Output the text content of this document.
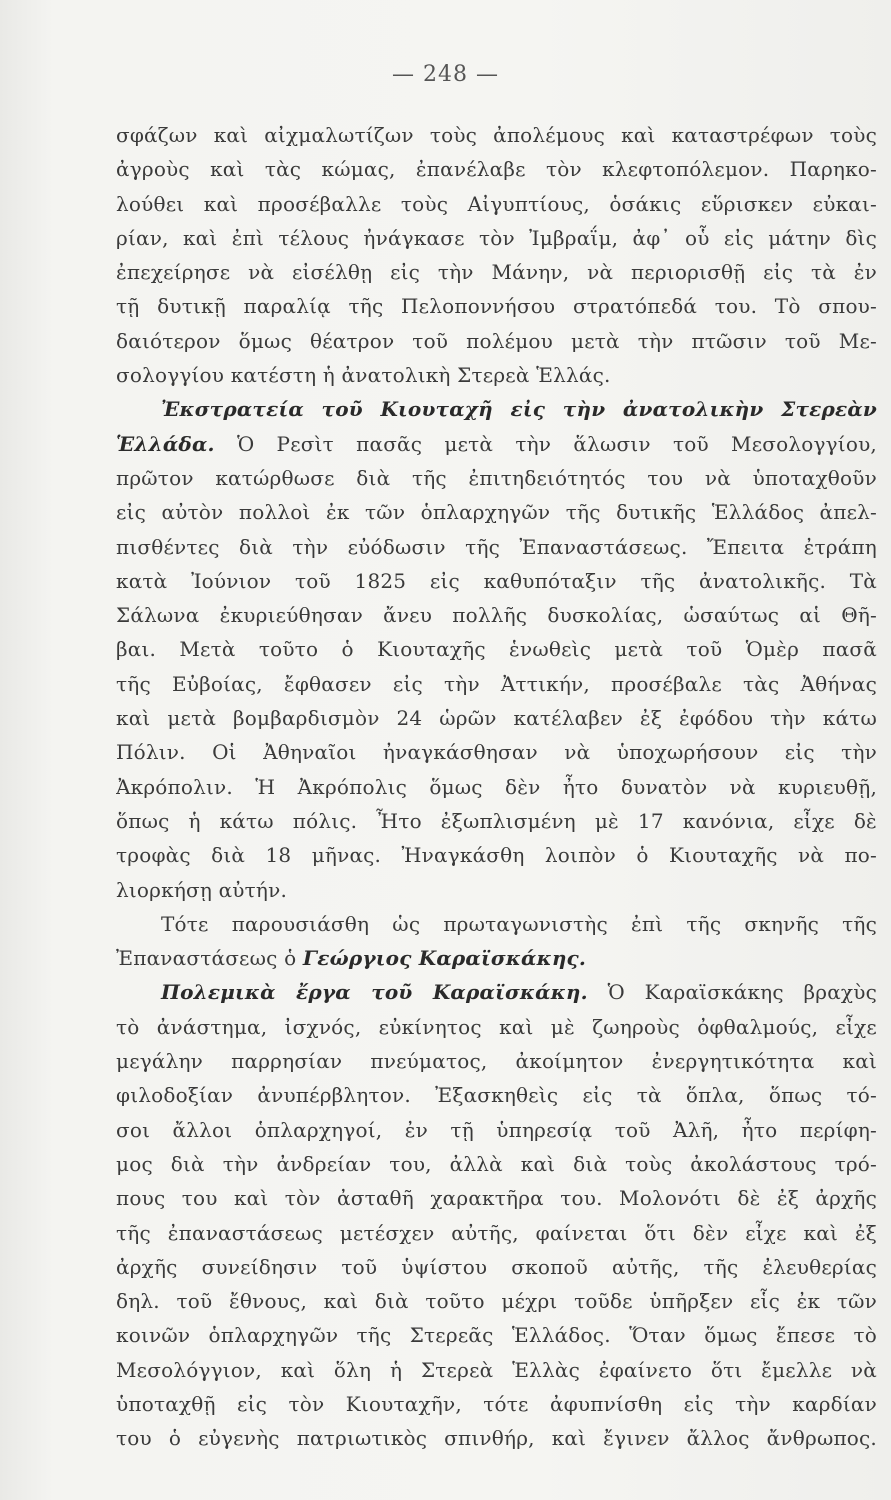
— 248 —
σφάζων καὶ αἰχμαλωτίζων τοὺς ἀπολέμους καὶ καταστρέφων τοὺς
ἀγροὺς καὶ τὰς κώμας, ἐπανέλαβε τὸν κλεφτοπόλεμον. Παρηκο-
λούθει καὶ προσέβαλλε τοὺς Αἰγυπτίους, ὁσάκις εὕρισκεν εὐκαι-
ρίαν, καὶ ἐπὶ τέλους ἠνάγκασε τὸν Ἰμβραΐμ, ἀφ᾽ οὗ εἰς μάτην δὶς
ἐπεχείρησε νὰ εἰσέλθῃ εἰς τὴν Μάνην, νὰ περιορισθῇ εἰς τὰ ἐν
τῇ δυτικῇ παραλίᾳ τῆς Πελοποννήσου στρατόπεδά του. Τὸ σπου-
δαιότερον ὅμως θέατρον τοῦ πολέμου μετὰ τὴν πτῶσιν τοῦ Με-
σολογγίου κατέστη ἡ ἀνατολικὴ Στερεὰ Ἑλλάς.
Ἐκστρατεία τοῦ Κιουταχῆ εἰς τὴν ἀνατολικὴν Στερεὰν
Ἑλλάδα. Ὁ Ρεσὶτ πασᾶς μετὰ τὴν ἅλωσιν τοῦ Μεσολογγίου,
πρῶτον κατώρθωσε διὰ τῆς ἐπιτηδειότητός του νὰ ὑποταχθοῦν
εἰς αὐτὸν πολλοὶ ἐκ τῶν ὁπλαρχηγῶν τῆς δυτικῆς Ἑλλάδος ἀπελ-
πισθέντες διὰ τὴν εὐόδωσιν τῆς Ἐπαναστάσεως. Ἔπειτα ἐτράπη
κατὰ Ἰούνιον τοῦ 1825 εἰς καθυπόταξιν τῆς ἀνατολικῆς. Τὰ
Σάλωνα ἐκυριεύθησαν ἄνευ πολλῆς δυσκολίας, ὡσαύτως αἱ Θῆ-
βαι. Μετὰ τοῦτο ὁ Κιουταχῆς ἑνωθεὶς μετὰ τοῦ Ὁμὲρ πασᾶ
τῆς Εὐβοίας, ἔφθασεν εἰς τὴν Ἀττικήν, προσέβαλε τὰς Ἀθήνας
καὶ μετὰ βομβαρδισμὸν 24 ὡρῶν κατέλαβεν ἐξ ἐφόδου τὴν κάτω
Πόλιν. Οἱ Ἀθηναῖοι ἠναγκάσθησαν νὰ ὑποχωρήσουν εἰς τὴν
Ἀκρόπολιν. Ἡ Ἀκρόπολις ὅμως δὲν ἦτο δυνατὸν νὰ κυριευθῇ,
ὅπως ἡ κάτω πόλις. Ἦτο ἐξωπλισμένη μὲ 17 κανόνια, εἶχε δὲ
τροφὰς διὰ 18 μῆνας. Ἠναγκάσθη λοιπὸν ὁ Κιουταχῆς νὰ πο-
λιορκήσῃ αὐτήν.
Τότε παρουσιάσθη ὡς πρωταγωνιστὴς ἐπὶ τῆς σκηνῆς τῆς
Ἐπαναστάσεως ὁ Γεώργιος Καραϊσκάκης.
Πολεμικὰ ἔργα τοῦ Καραϊσκάκη. Ὁ Καραϊσκάκης βραχὺς
τὸ ἀνάστημα, ἰσχνός, εὐκίνητος καὶ μὲ ζωηροὺς ὀφθαλμούς, εἶχε
μεγάλην παρρησίαν πνεύματος, ἀκοίμητον ἐνεργητικότητα καὶ
φιλοδοξίαν ἀνυπέρβλητον. Ἐξασκηθεὶς εἰς τὰ ὅπλα, ὅπως τό-
σοι ἄλλοι ὁπλαρχηγοί, ἐν τῇ ὑπηρεσίᾳ τοῦ Ἀλῆ, ἦτο περίφη-
μος διὰ τὴν ἀνδρείαν του, ἀλλὰ καὶ διὰ τοὺς ἀκολάστους τρό-
πους του καὶ τὸν ἀσταθῆ χαρακτῆρα του. Μολονότι δὲ ἐξ ἀρχῆς
τῆς ἐπαναστάσεως μετέσχεν αὐτῆς, φαίνεται ὅτι δὲν εἶχε καὶ ἐξ
ἀρχῆς συνείδησιν τοῦ ὑψίστου σκοποῦ αὐτῆς, τῆς ἐλευθερίας
δηλ. τοῦ ἔθνους, καὶ διὰ τοῦτο μέχρι τοῦδε ὑπῆρξεν εἷς ἐκ τῶν
κοινῶν ὁπλαρχηγῶν τῆς Στερεᾶς Ἑλλάδος. Ὅταν ὅμως ἔπεσε τὸ
Μεσολόγγιον, καὶ ὅλη ἡ Στερεὰ Ἑλλὰς ἐφαίνετο ὅτι ἔμελλε νὰ
ὑποταχθῇ εἰς τὸν Κιουταχῆν, τότε ἀφυπνίσθη εἰς τὴν καρδίαν
του ὁ εὐγενὴς πατριωτικὸς σπινθήρ, καὶ ἔγινεν ἄλλος ἄνθρωπος.
